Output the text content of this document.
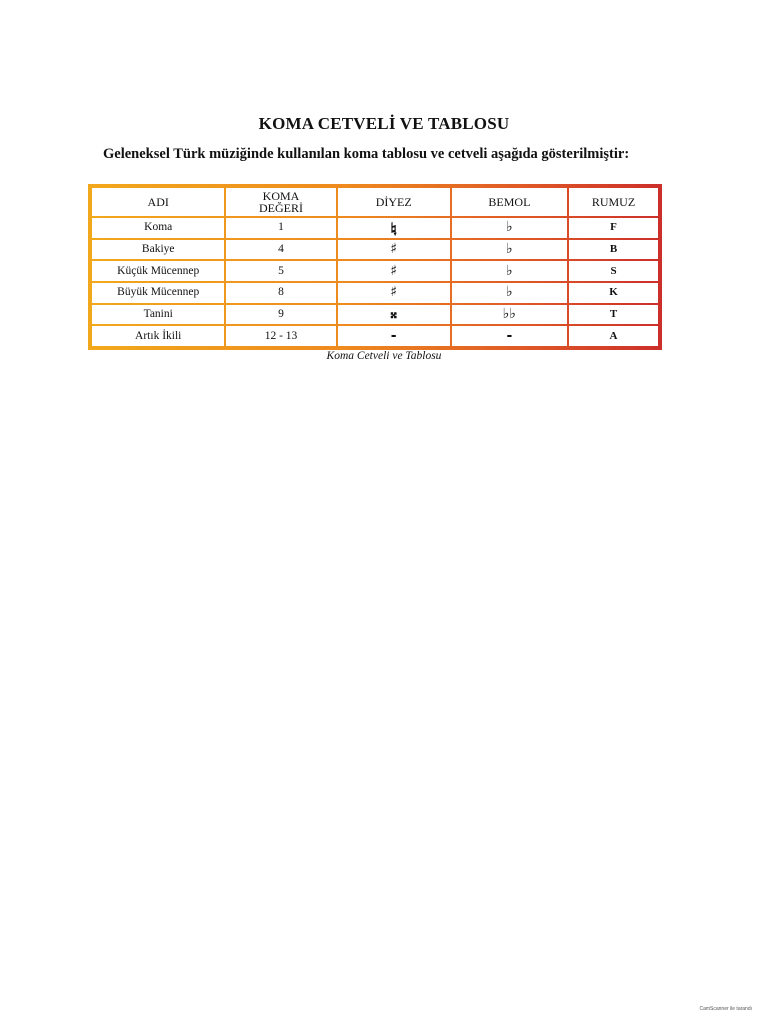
KOMA CETVELİ VE TABLOSU
Geleneksel Türk müziğinde kullanılan koma tablosu ve cetveli aşağıda gösterilmiştir:
ADI	KOMA DEĞERİ	DİYEZ	BEMOL	RUMUZ
Koma	1	𝄯	♭	F
Bakiye	4	♯	♭	B
Küçük Mücennep	5	♯	♭	S
Büyük Mücennep	8	♯	♭	K
Tanini	9	𝄪	♭♭	T
Artık İkili	12 - 13	-	-	A
Koma Cetveli ve Tablosu
CamScanner ile tarandı
